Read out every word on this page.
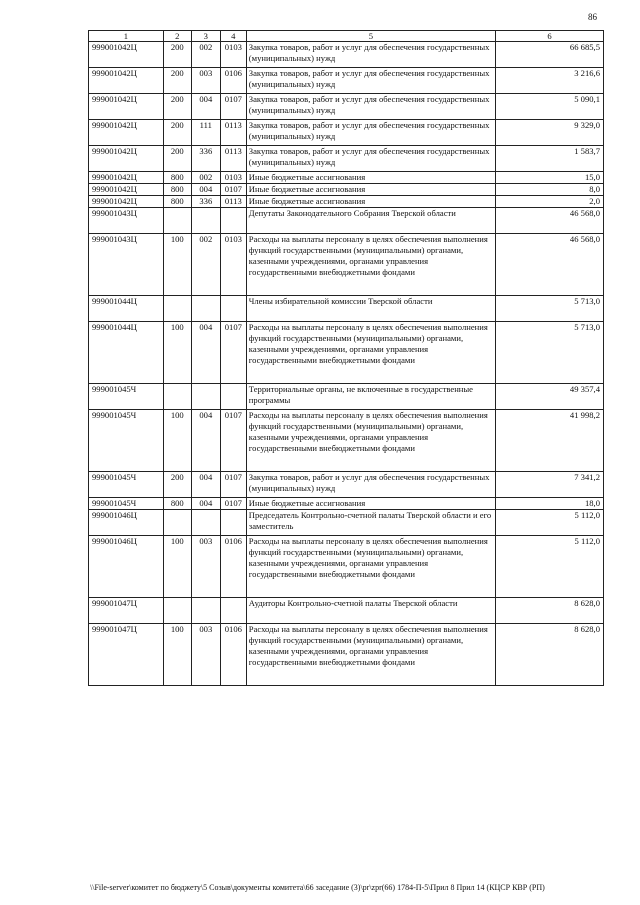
86
1	2	3	4	5	6
999001042Ц	200	002	0103	Закупка товаров, работ и услуг для обеспечения государственных (муниципальных) нужд	66 685,5
999001042Ц	200	003	0106	Закупка товаров, работ и услуг для обеспечения государственных (муниципальных) нужд	3 216,6
999001042Ц	200	004	0107	Закупка товаров, работ и услуг для обеспечения государственных (муниципальных) нужд	5 090,1
999001042Ц	200	111	0113	Закупка товаров, работ и услуг для обеспечения государственных (муниципальных) нужд	9 329,0
999001042Ц	200	336	0113	Закупка товаров, работ и услуг для обеспечения государственных (муниципальных) нужд	1 583,7
999001042Ц	800	002	0103	Иные бюджетные ассигнования	15,0
999001042Ц	800	004	0107	Иные бюджетные ассигнования	8,0
999001042Ц	800	336	0113	Иные бюджетные ассигнования	2,0
999001043Ц				Депутаты Законодательного Собрания Тверской области	46 568,0
999001043Ц	100	002	0103	Расходы на выплаты персоналу в целях обеспечения выполнения функций государственными (муниципальными) органами, казенными учреждениями, органами управления государственными внебюджетными фондами	46 568,0
999001044Ц				Члены избирательной комиссии Тверской области	5 713,0
999001044Ц	100	004	0107	Расходы на выплаты персоналу в целях обеспечения выполнения функций государственными (муниципальными) органами, казенными учреждениями, органами управления государственными внебюджетными фондами	5 713,0
999001045Ч				Территориальные органы, не включенные в государственные программы	49 357,4
999001045Ч	100	004	0107	Расходы на выплаты персоналу в целях обеспечения выполнения функций государственными (муниципальными) органами, казенными учреждениями, органами управления государственными внебюджетными фондами	41 998,2
999001045Ч	200	004	0107	Закупка товаров, работ и услуг для обеспечения государственных (муниципальных) нужд	7 341,2
999001045Ч	800	004	0107	Иные бюджетные ассигнования	18,0
999001046Ц				Председатель Контрольно-счетной палаты Тверской области и его заместитель	5 112,0
999001046Ц	100	003	0106	Расходы на выплаты персоналу в целях обеспечения выполнения функций государственными (муниципальными) органами, казенными учреждениями, органами управления государственными внебюджетными фондами	5 112,0
999001047Ц				Аудиторы Контрольно-счетной палаты Тверской области	8 628,0
999001047Ц	100	003	0106	Расходы на выплаты персоналу в целях обеспечения выполнения функций государственными (муниципальными) органами, казенными учреждениями, органами управления государственными внебюджетными фондами	8 628,0
\\File-server\комитет по бюджету\5 Созыв\документы комитета\66 заседание (3)\pr\zpr(66) 1784-П-5\Прил 8 Прил 14 (КЦСР КВР (РП)
